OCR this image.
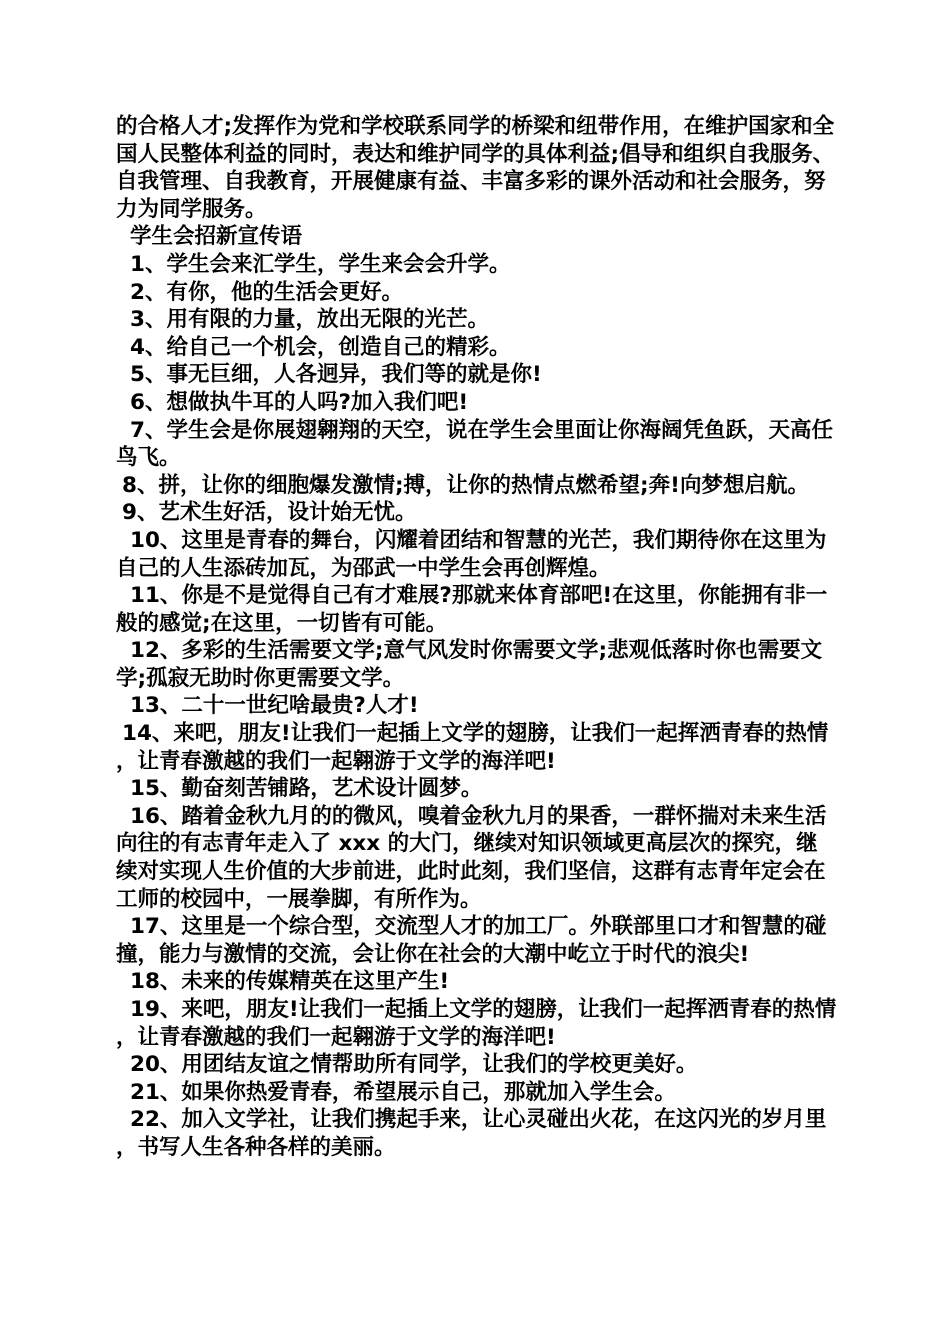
的合格人才;发挥作为党和学校联系同学的桥梁和纽带作用，在维护国家和全国人民整体利益的同时，表达和维护同学的具体利益;倡导和组织自我服务、自我管理、自我教育，开展健康有益、丰富多彩的课外活动和社会服务，努力为同学服务。

学生会招新宣传语

1、学生会来汇学生，学生来会会升学。

2、有你，他的生活会更好。

3、用有限的力量，放出无限的光芒。

4、给自己一个机会，创造自己的精彩。

5、事无巨细，人各迥异，我们等的就是你!

6、想做执牛耳的人吗?加入我们吧!

7、学生会是你展翅翱翔的天空，说在学生会里面让你海阔凭鱼跃，天高任鸟飞。

8、拼，让你的细胞爆发激情;搏，让你的热情点燃希望;奔!向梦想启航。

9、艺术生好活，设计始无忧。

10、这里是青春的舞台，闪耀着团结和智慧的光芒，我们期待你在这里为自己的人生添砖加瓦，为邵武一中学生会再创辉煌。

11、你是不是觉得自己有才难展?那就来体育部吧!在这里，你能拥有非一般的感觉;在这里，一切皆有可能。

12、多彩的生活需要文学;意气风发时你需要文学;悲观低落时你也需要文学;孤寂无助时你更需要文学。

13、二十一世纪啥最贵?人才!

14、来吧，朋友!让我们一起插上文学的翅膀，让我们一起挥洒青春的热情，让青春激越的我们一起翱游于文学的海洋吧!

15、勤奋刻苦铺路，艺术设计圆梦。

16、踏着金秋九月的的微风，嗅着金秋九月的果香，一群怀揣对未来生活向往的有志青年走入了 xxx 的大门，继续对知识领域更高层次的探究，继续对实现人生价值的大步前进，此时此刻，我们坚信，这群有志青年定会在工师的校园中，一展拳脚，有所作为。

17、这里是一个综合型，交流型人才的加工厂。外联部里口才和智慧的碰撞，能力与激情的交流，会让你在社会的大潮中屹立于时代的浪尖!

18、未来的传媒精英在这里产生!

19、来吧，朋友!让我们一起插上文学的翅膀，让我们一起挥洒青春的热情，让青春激越的我们一起翱游于文学的海洋吧!

20、用团结友谊之情帮助所有同学，让我们的学校更美好。

21、如果你热爱青春，希望展示自己，那就加入学生会。

22、加入文学社，让我们携起手来，让心灵碰出火花，在这闪光的岁月里，书写人生各种各样的美丽。
